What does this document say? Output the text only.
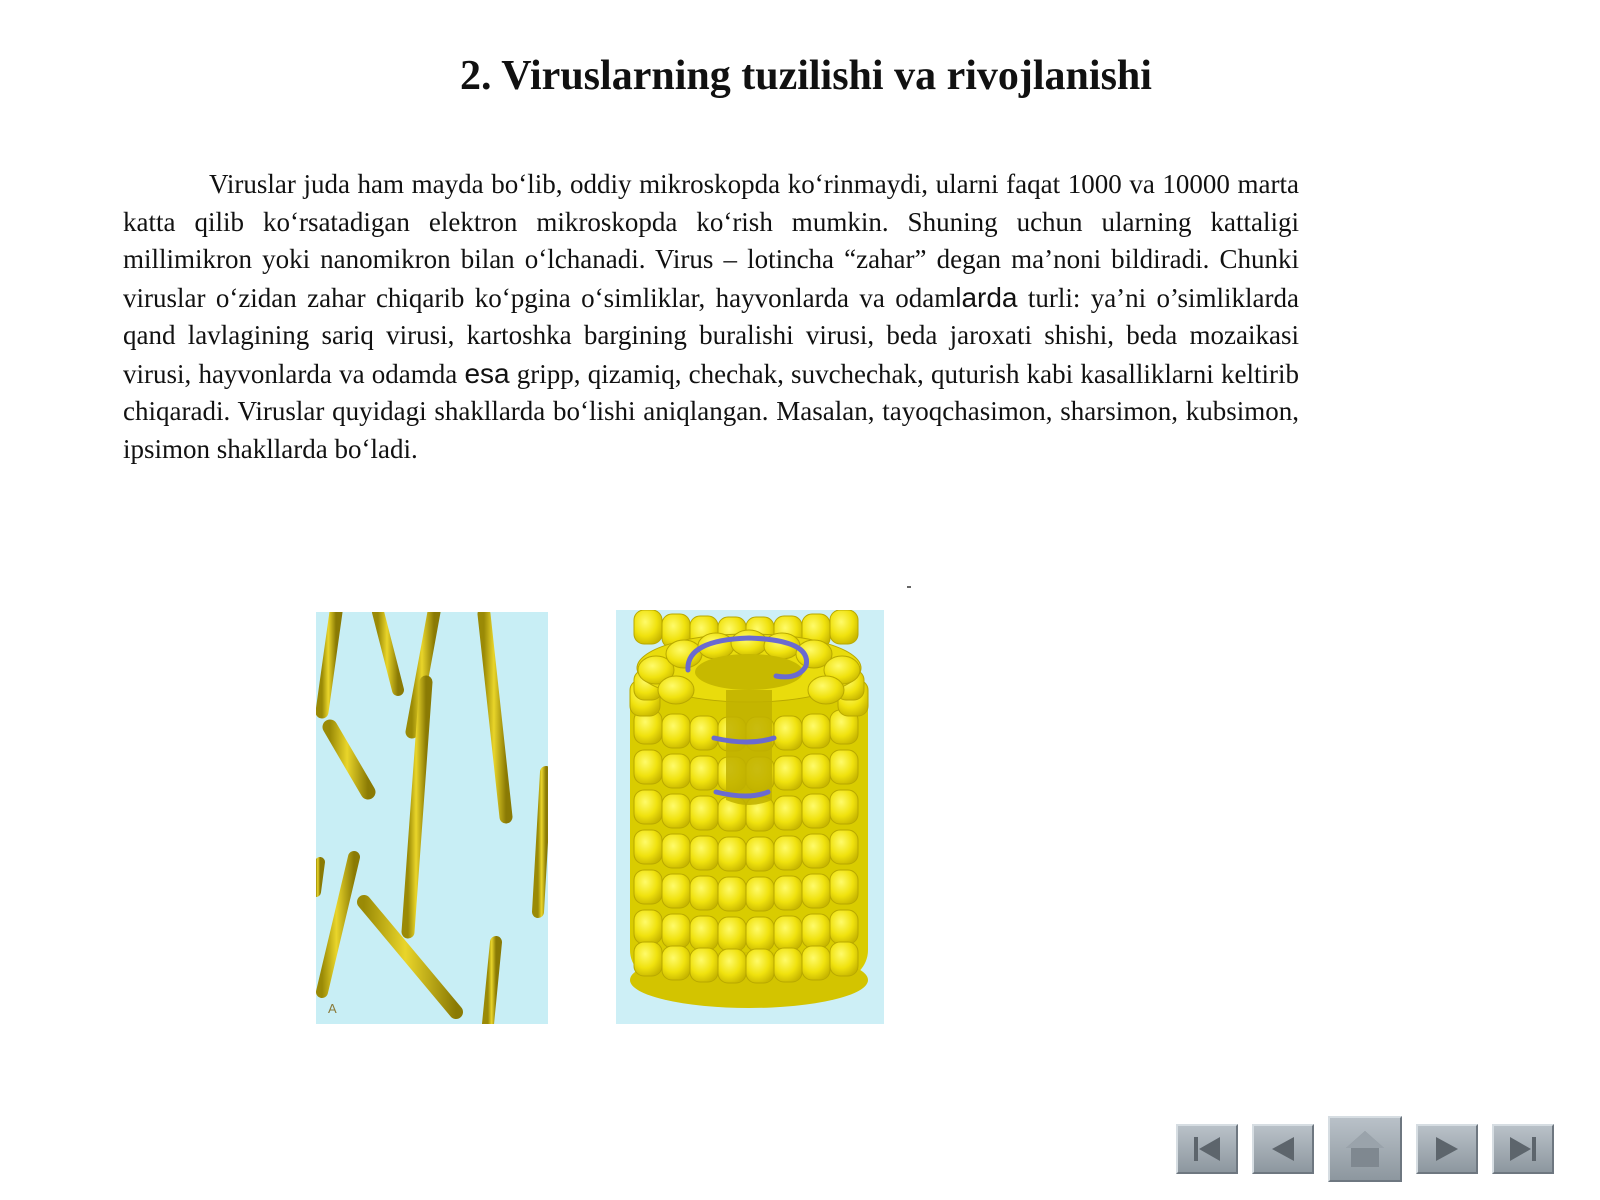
2. Viruslarning tuzilishi va rivojlanishi

Viruslar juda ham mayda bo‘lib, oddiy mikroskopda ko‘rinmaydi, ularni faqat 1000 va 10000 marta katta qilib ko‘rsatadigan elektron mikroskopda ko‘rish mumkin. Shuning uchun ularning kattaligi millimikron yoki nanomikron bilan o‘lchanadi. Virus – lotincha “zahar” degan ma’noni bildiradi. Chunki viruslar o‘zidan zahar chiqarib ko‘pgina o‘simliklar, hayvonlarda va odamlarda turli: ya’ni o’simliklarda qand lavlagining sariq virusi, kartoshka bargining buralishi virusi, beda jaroxati shishi, beda mozaikasi virusi, hayvonlarda va odamda esa gripp, qizamiq, chechak, suvchechak, quturish kabi kasalliklarni keltirib chiqaradi. Viruslar quyidagi shakllarda bo‘lishi aniqlangan. Masalan, tayoqchasimon, sharsimon, kubsimon, ipsimon shakllarda bo‘ladi.

A
